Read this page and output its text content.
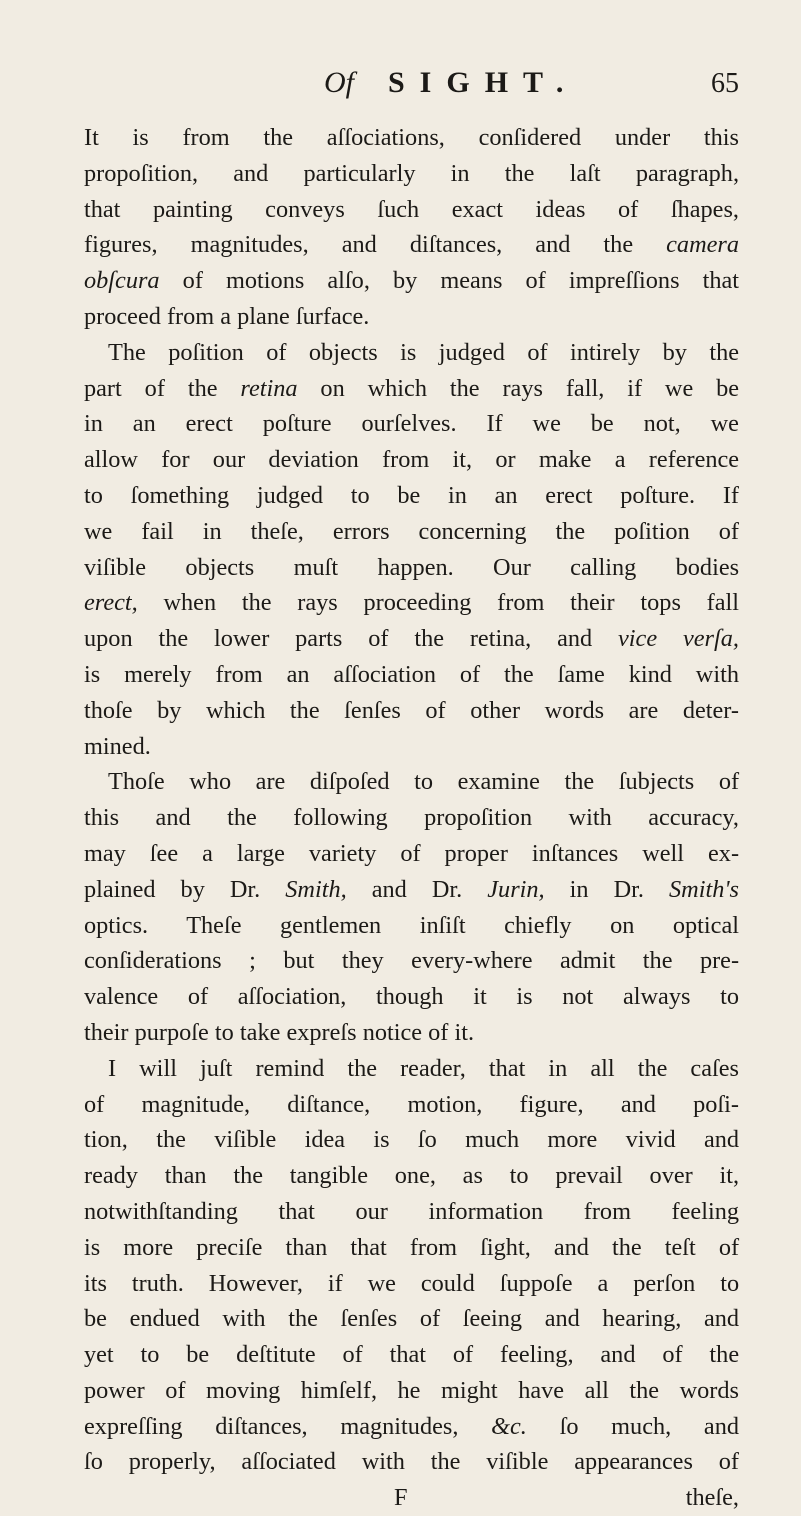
Of SIGHT.	65
It is from the aſſociations, conſidered under this
propoſition, and particularly in the laſt paragraph,
that painting conveys ſuch exact ideas of ſhapes,
figures, magnitudes, and diſtances, and the camera
obſcura of motions alſo, by means of impreſſions that
proceed from a plane ſurface.
The poſition of objects is judged of intirely by the
part of the retina on which the rays fall, if we be
in an erect poſture ourſelves. If we be not, we
allow for our deviation from it, or make a reference
to ſomething judged to be in an erect poſture. If
we fail in theſe, errors concerning the poſition of
viſible objects muſt happen. Our calling bodies
erect, when the rays proceeding from their tops fall
upon the lower parts of the retina, and vice verſa,
is merely from an aſſociation of the ſame kind with
thoſe by which the ſenſes of other words are deter-
mined.
Thoſe who are diſpoſed to examine the ſubjects of
this and the following propoſition with accuracy,
may ſee a large variety of proper inſtances well ex-
plained by Dr. Smith, and Dr. Jurin, in Dr. Smith's
optics. Theſe gentlemen inſiſt chiefly on optical
conſiderations ; but they every-where admit the pre-
valence of aſſociation, though it is not always to
their purpoſe to take expreſs notice of it.
I will juſt remind the reader, that in all the caſes
of magnitude, diſtance, motion, figure, and poſi-
tion, the viſible idea is ſo much more vivid and
ready than the tangible one, as to prevail over it,
notwithſtanding that our information from feeling
is more preciſe than that from ſight, and the teſt of
its truth. However, if we could ſuppoſe a perſon to
be endued with the ſenſes of ſeeing and hearing, and
yet to be deſtitute of that of feeling, and of the
power of moving himſelf, he might have all the words
expreſſing diſtances, magnitudes, &c. ſo much, and
ſo properly, aſſociated with the viſible appearances of
F	theſe,
